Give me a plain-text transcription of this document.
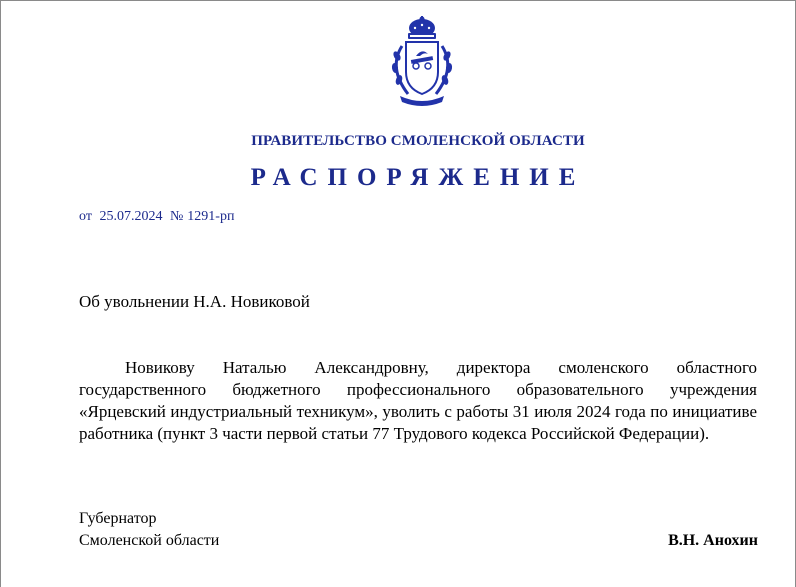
ПРАВИТЕЛЬСТВО СМОЛЕНСКОЙ ОБЛАСТИ
РАСПОРЯЖЕНИЕ
от 25.07.2024 № 1291-рп
Об увольнении Н.А. Новиковой
Новикову Наталью Александровну, директора смоленского областного государственного бюджетного профессионального образовательного учреждения «Ярцевский индустриальный техникум», уволить с работы 31 июля 2024 года по инициативе работника (пункт 3 части первой статьи 77 Трудового кодекса Российской Федерации).
Губернатор
Смоленской области	В.Н. Анохин
